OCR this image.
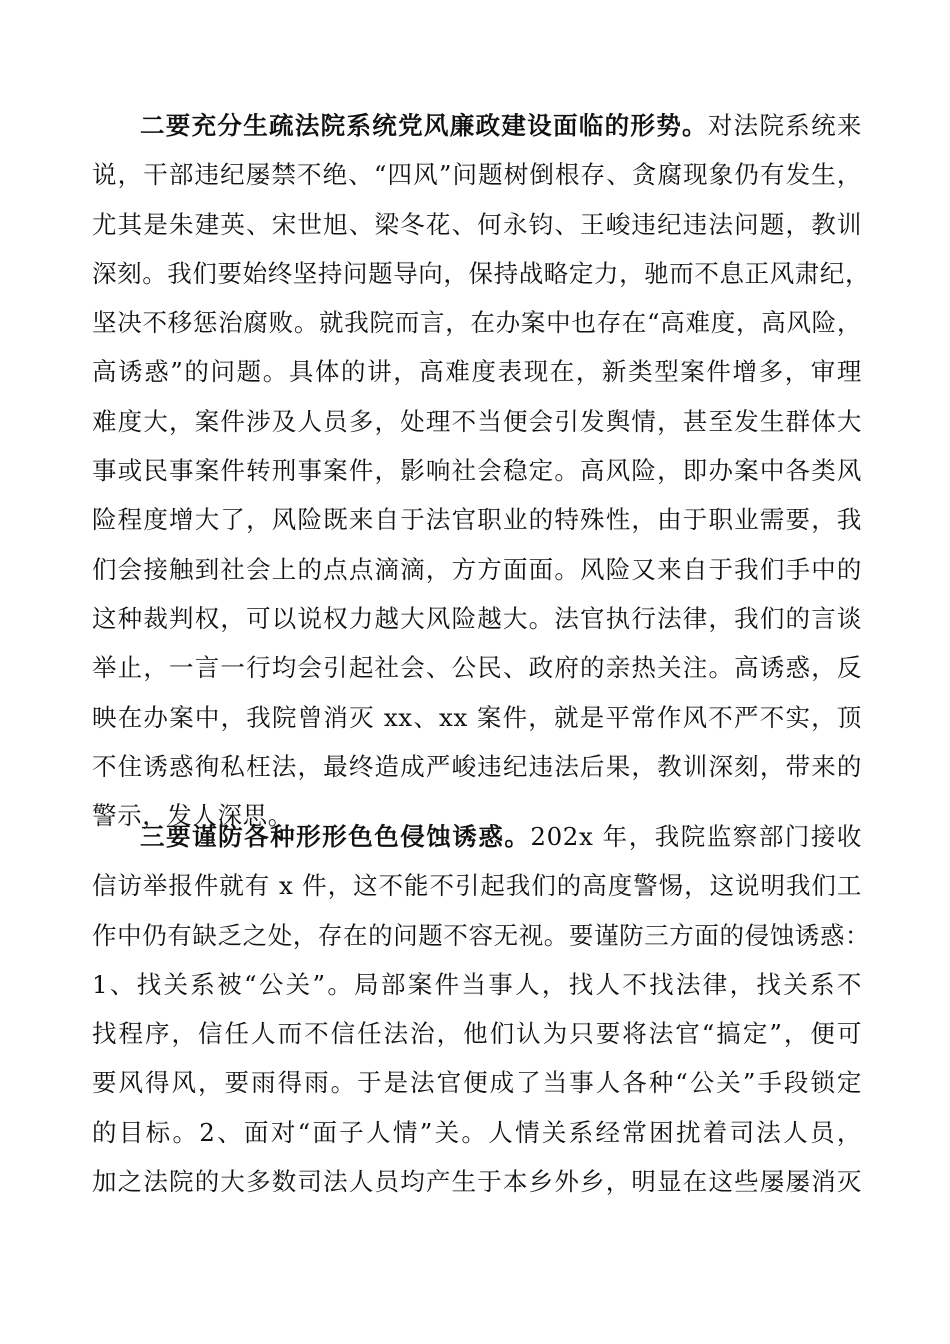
二要充分生疏法院系统党风廉政建设面临的形势。对法院系统来
说，干部违纪屡禁不绝、“四风”问题树倒根存、贪腐现象仍有发生，
尤其是朱建英、宋世旭、梁冬花、何永钧、王峻违纪违法问题，教训
深刻。我们要始终坚持问题导向，保持战略定力，驰而不息正风肃纪，
坚决不移惩治腐败。就我院而言，在办案中也存在“高难度，高风险，
高诱惑”的问题。具体的讲，高难度表现在，新类型案件增多，审理
难度大，案件涉及人员多，处理不当便会引发舆情，甚至发生群体大
事或民事案件转刑事案件，影响社会稳定。高风险，即办案中各类风
险程度增大了，风险既来自于法官职业的特殊性，由于职业需要，我
们会接触到社会上的点点滴滴，方方面面。风险又来自于我们手中的
这种裁判权，可以说权力越大风险越大。法官执行法律，我们的言谈
举止，一言一行均会引起社会、公民、政府的亲热关注。高诱惑，反
映在办案中，我院曾消灭 xx、xx 案件，就是平常作风不严不实，顶
不住诱惑徇私枉法，最终造成严峻违纪违法后果，教训深刻，带来的
警示，发人深思。
三要谨防各种形形色色侵蚀诱惑。202x 年，我院监察部门接收
信访举报件就有 x 件，这不能不引起我们的高度警惕，这说明我们工
作中仍有缺乏之处，存在的问题不容无视。要谨防三方面的侵蚀诱惑：
1、找关系被“公关”。局部案件当事人，找人不找法律，找关系不
找程序，信任人而不信任法治，他们认为只要将法官“搞定”，便可
要风得风，要雨得雨。于是法官便成了当事人各种“公关”手段锁定
的目标。2、面对“面子人情”关。人情关系经常困扰着司法人员，
加之法院的大多数司法人员均产生于本乡外乡，明显在这些屡屡消灭
